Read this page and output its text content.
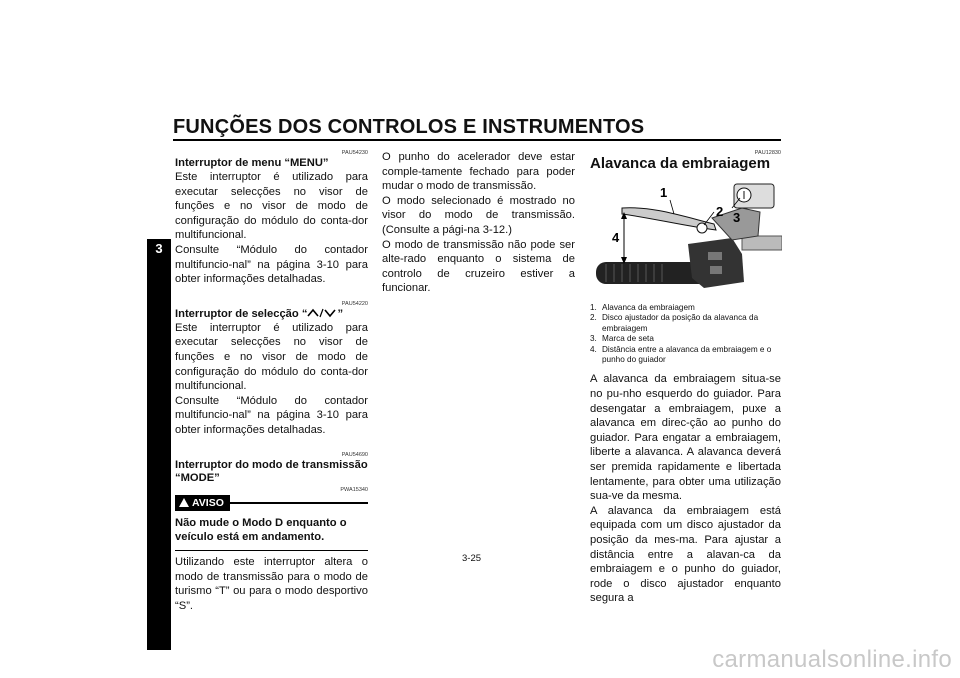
FUNÇÕES DOS CONTROLOS E INSTRUMENTOS
3
PAU54230
Interruptor de menu “MENU”

Este interruptor é utilizado para executar selecções no visor de funções e no visor de modo de configuração do módulo do conta-dor multifuncional.

Consulte “Módulo do contador multifuncio-nal” na página 3-10 para obter informações detalhadas.

PAU54220
Interruptor de selecção “	”

Este interruptor é utilizado para executar selecções no visor de funções e no visor de modo de configuração do módulo do conta-dor multifuncional.

Consulte “Módulo do contador multifuncio-nal” na página 3-10 para obter informações detalhadas.

PAU54690
Interruptor do modo de transmissão “MODE”
PWA15340
AVISO
Não mude o Modo D enquanto o veículo está em andamento.

Utilizando este interruptor altera o modo de transmissão para o modo de turismo “T” ou para o modo desportivo “S”.

O punho do acelerador deve estar comple-tamente fechado para poder mudar o modo de transmissão.

O modo selecionado é mostrado no visor do modo de transmissão. (Consulte a pági-na 3-12.)

O modo de transmissão não pode ser alte-rado enquanto o sistema de controlo de cruzeiro estiver a funcionar.

PAU12830
Alavanca da embraiagem
1
2 3
4
1. Alavanca da embraiagem
2. Disco ajustador da posição da alavanca da embraiagem
3. Marca de seta
4. Distância entre a alavanca da embraiagem e o punho do guiador

A alavanca da embraiagem situa-se no pu-nho esquerdo do guiador. Para desengatar a embraiagem, puxe a alavanca em direc-ção ao punho do guiador. Para engatar a embraiagem, liberte a alavanca. A alavanca deverá ser premida rapidamente e libertada lentamente, para obter uma utilização sua-ve da mesma.

A alavanca da embraiagem está equipada com um disco ajustador da posição da mes-ma. Para ajustar a distância entre a alavan-ca da embraiagem e o punho do guiador, rode o disco ajustador enquanto segura a

3-25
carmanualsonline.info
